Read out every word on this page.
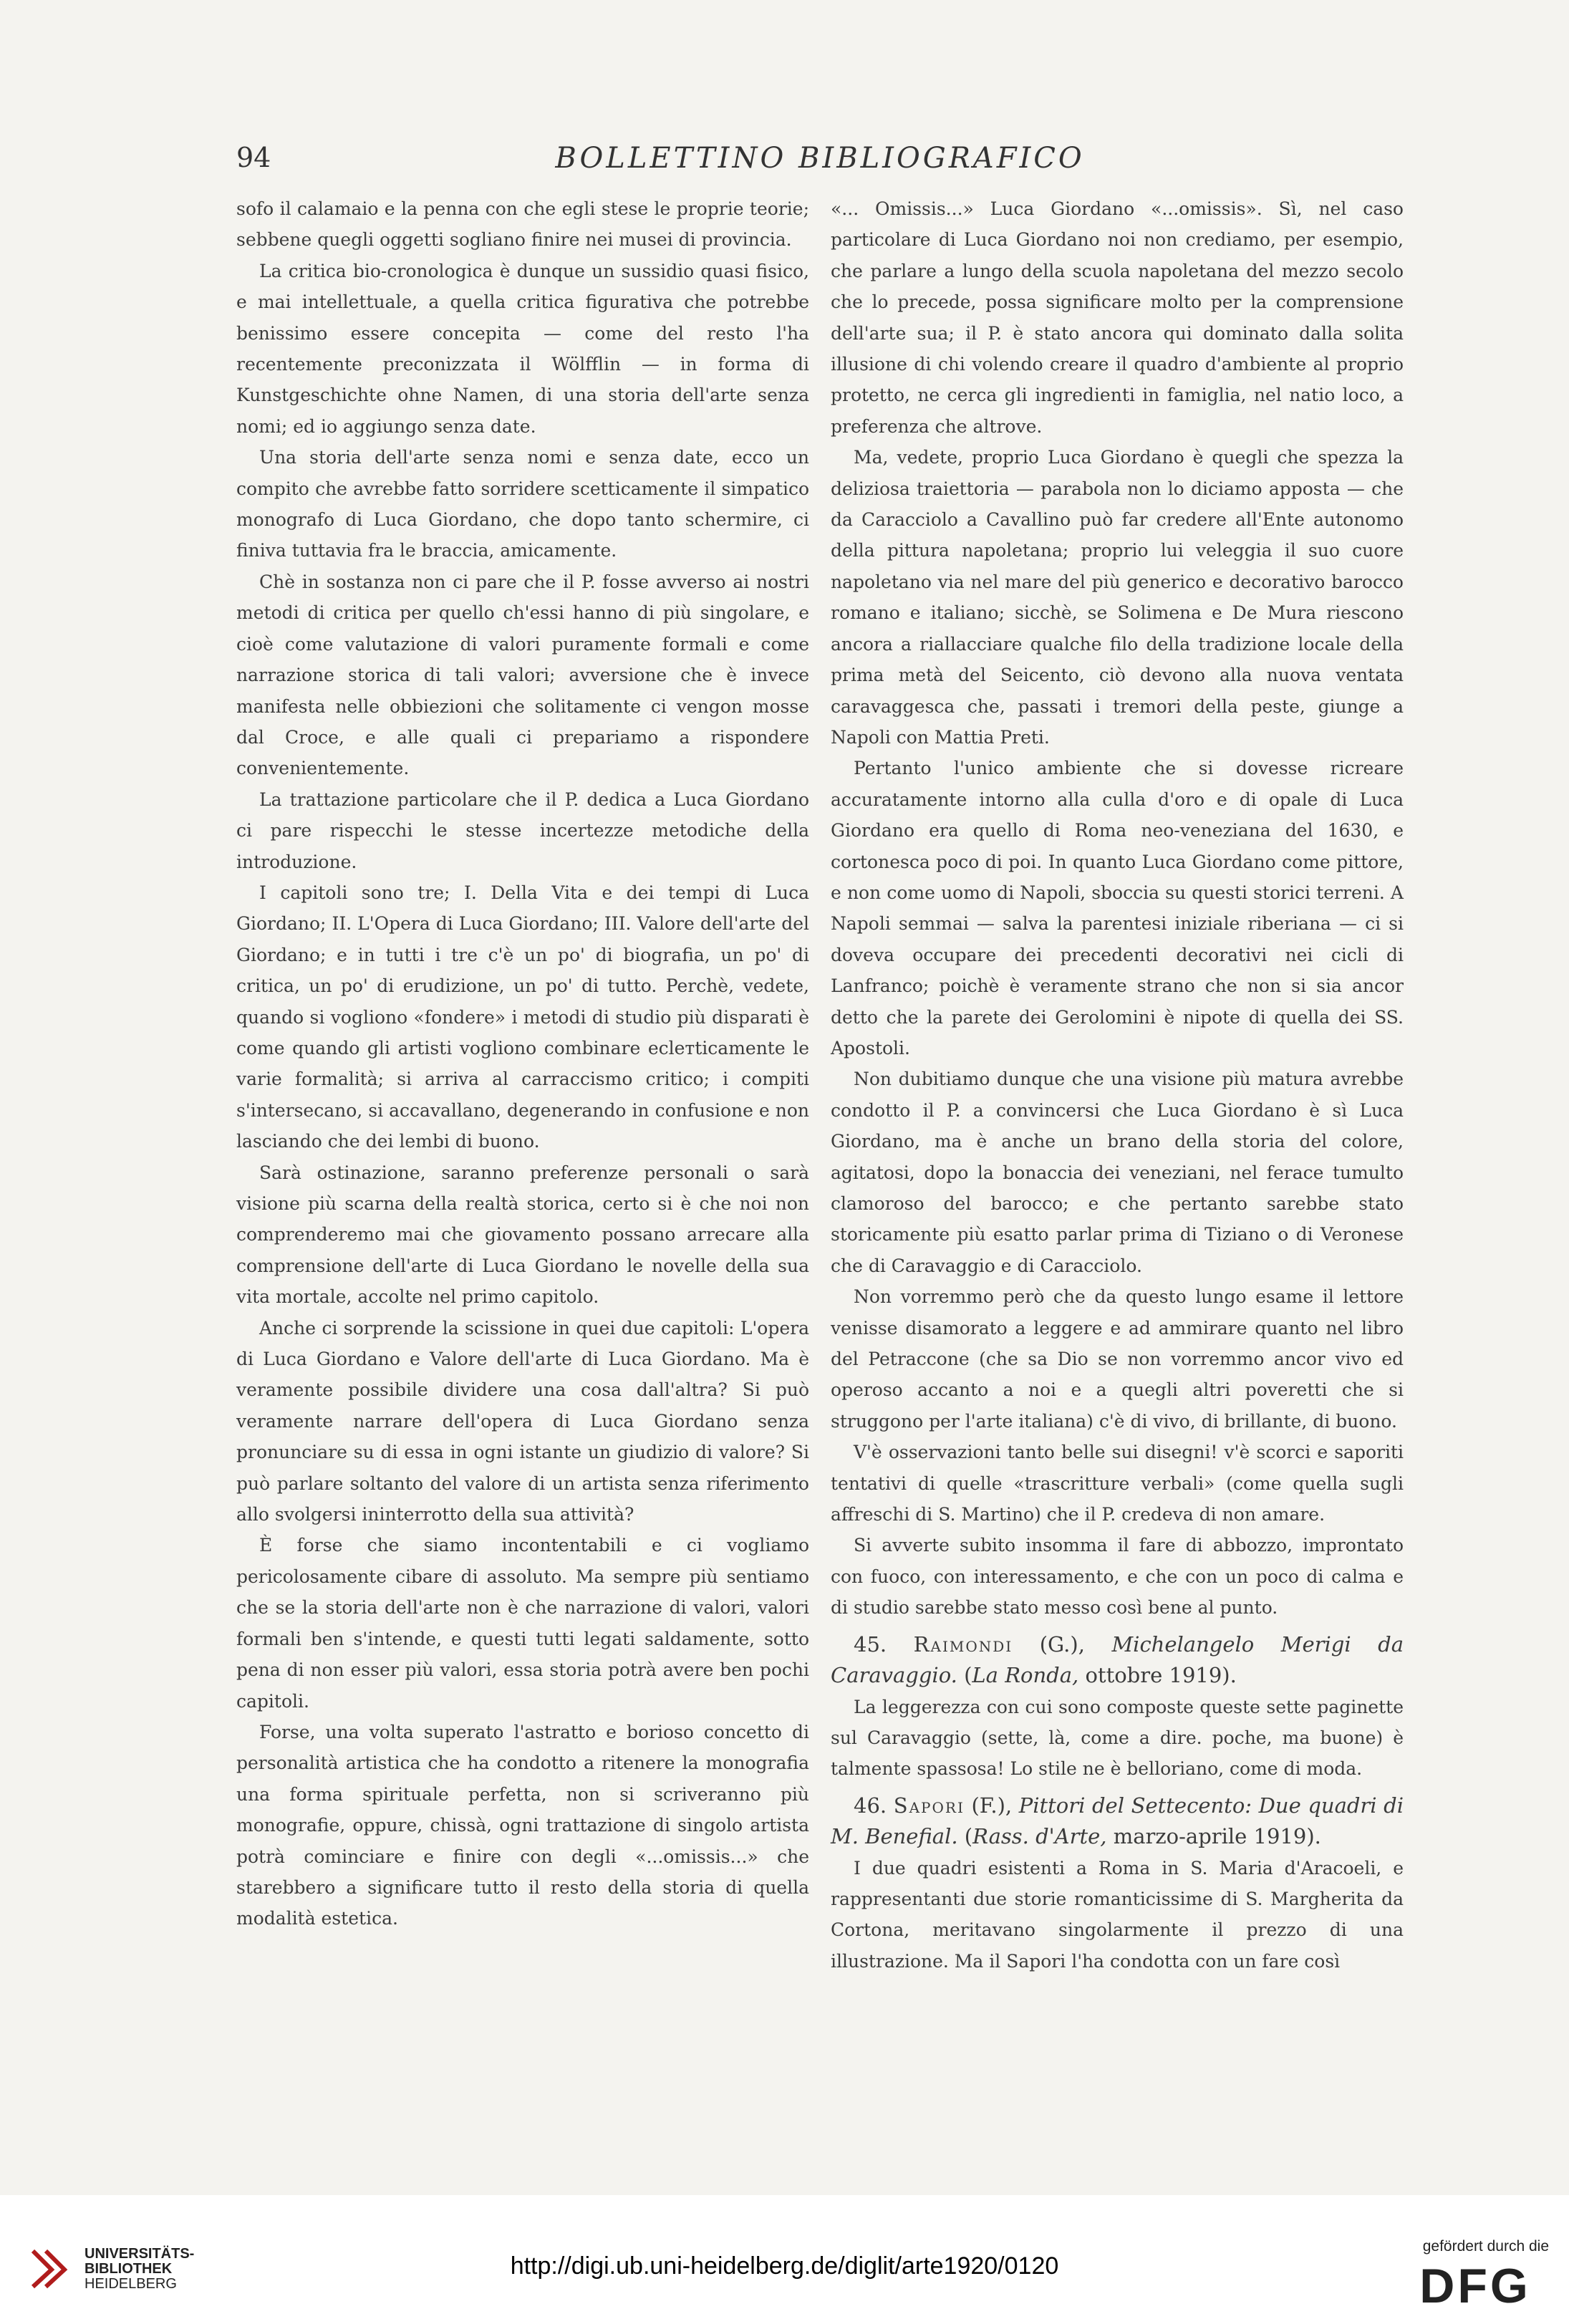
94	BOLLETTINO BIBLIOGRAFICO

sofo il calamaio e la penna con che egli stese le proprie teorie; sebbene quegli oggetti sogliano finire nei musei di provincia.

La critica bio-cronologica è dunque un sussidio quasi fisico, e mai intellettuale, a quella critica figurativa che potrebbe benissimo essere concepita — come del resto l'ha recentemente preconizzata il Wölfflin — in forma di Kunstgeschichte ohne Namen, di una storia dell'arte senza nomi; ed io aggiungo senza date.

Una storia dell'arte senza nomi e senza date, ecco un compito che avrebbe fatto sorridere scetticamente il simpatico monografo di Luca Giordano, che dopo tanto schermire, ci finiva tuttavia fra le braccia, amicamente.

Chè in sostanza non ci pare che il P. fosse avverso ai nostri metodi di critica per quello ch'essi hanno di più singolare, e cioè come valutazione di valori puramente formali e come narrazione storica di tali valori; avversione che è invece manifesta nelle obbiezioni che solitamente ci vengon mosse dal Croce, e alle quali ci prepariamo a rispondere convenientemente.

La trattazione particolare che il P. dedica a Luca Giordano ci pare rispecchi le stesse incertezze metodiche della introduzione.

I capitoli sono tre; I. Della Vita e dei tempi di Luca Giordano; II. L'Opera di Luca Giordano; III. Valore dell'arte del Giordano; e in tutti i tre c'è un po' di biografia, un po' di critica, un po' di erudizione, un po' di tutto. Perchè, vedete, quando si vogliono «fondere» i metodi di studio più disparati è come quando gli artisti vogliono combinare eclетticamente le varie formalità; si arriva al carraccismo critico; i compiti s'intersecano, si accavallano, degenerando in confusione e non lasciando che dei lembi di buono.

Sarà ostinazione, saranno preferenze personali o sarà visione più scarna della realtà storica, certo si è che noi non comprenderemo mai che giovamento possano arrecare alla comprensione dell'arte di Luca Giordano le novelle della sua vita mortale, accolte nel primo capitolo.

Anche ci sorprende la scissione in quei due capitoli: L'opera di Luca Giordano e Valore dell'arte di Luca Giordano. Ma è veramente possibile dividere una cosa dall'altra? Si può veramente narrare dell'opera di Luca Giordano senza pronunciare su di essa in ogni istante un giudizio di valore? Si può parlare soltanto del valore di un artista senza riferimento allo svolgersi ininterrotto della sua attività?

È forse che siamo incontentabili e ci vogliamo pericolosamente cibare di assoluto. Ma sempre più sentiamo che se la storia dell'arte non è che narrazione di valori, valori formali ben s'intende, e questi tutti legati saldamente, sotto pena di non esser più valori, essa storia potrà avere ben pochi capitoli.

Forse, una volta superato l'astratto e borioso concetto di personalità artistica che ha condotto a ritenere la monografia una forma spirituale perfetta, non si scriveranno più monografie, oppure, chissà, ogni trattazione di singolo artista potrà cominciare e finire con degli «...omissis...» che starebbero a significare tutto il resto della storia di quella modalità estetica.

«... Omissis...» Luca Giordano «...omissis». Sì, nel caso particolare di Luca Giordano noi non crediamo, per esempio, che parlare a lungo della scuola napoletana del mezzo secolo che lo precede, possa significare molto per la comprensione dell'arte sua; il P. è stato ancora qui dominato dalla solita illusione di chi volendo creare il quadro d'ambiente al proprio protetto, ne cerca gli ingredienti in famiglia, nel natio loco, a preferenza che altrove.

Ma, vedete, proprio Luca Giordano è quegli che spezza la deliziosa traiettoria — parabola non lo diciamo apposta — che da Caracciolo a Cavallino può far credere all'Ente autonomo della pittura napoletana; proprio lui veleggia il suo cuore napoletano via nel mare del più generico e decorativo barocco romano e italiano; sicchè, se Solimena e De Mura riescono ancora a riallacciare qualche filo della tradizione locale della prima metà del Seicento, ciò devono alla nuova ventata caravaggesca che, passati i tremori della peste, giunge a Napoli con Mattia Preti.

Pertanto l'unico ambiente che si dovesse ricreare accuratamente intorno alla culla d'oro e di opale di Luca Giordano era quello di Roma neo-veneziana del 1630, e cortonesca poco di poi. In quanto Luca Giordano come pittore, e non come uomo di Napoli, sboccia su questi storici terreni. A Napoli semmai — salva la parentesi iniziale riberiana — ci si doveva occupare dei precedenti decorativi nei cicli di Lanfranco; poichè è veramente strano che non si sia ancor detto che la parete dei Gerolomini è nipote di quella dei SS. Apostoli.

Non dubitiamo dunque che una visione più matura avrebbe condotto il P. a convincersi che Luca Giordano è sì Luca Giordano, ma è anche un brano della storia del colore, agitatosi, dopo la bonaccia dei veneziani, nel ferace tumulto clamoroso del barocco; e che pertanto sarebbe stato storicamente più esatto parlar prima di Tiziano o di Veronese che di Caravaggio e di Caracciolo.

Non vorremmo però che da questo lungo esame il lettore venisse disamorato a leggere e ad ammirare quanto nel libro del Petraccone (che sa Dio se non vorremmo ancor vivo ed operoso accanto a noi e a quegli altri poveretti che si struggono per l'arte italiana) c'è di vivo, di brillante, di buono.

V'è osservazioni tanto belle sui disegni! v'è scorci e saporiti tentativi di quelle «trascritture verbali» (come quella sugli affreschi di S. Martino) che il P. credeva di non amare.

Si avverte subito insomma il fare di abbozzo, improntato con fuoco, con interessamento, e che con un poco di calma e di studio sarebbe stato messo così bene al punto.

45. Raimondi (G.), Michelangelo Merigi da Caravaggio. (La Ronda, ottobre 1919).

La leggerezza con cui sono composte queste sette paginette sul Caravaggio (sette, là, come a dire. poche, ma buone) è talmente spassosa! Lo stile ne è belloriano, come di moda.

46. Sapori (F.), Pittori del Settecento: Due quadri di M. Benefial. (Rass. d'Arte, marzo-aprile 1919).

I due quadri esistenti a Roma in S. Maria d'Aracoeli, e rappresentanti due storie romanticissime di S. Margherita da Cortona, meritavano singolarmente il prezzo di una illustrazione. Ma il Sapori l'ha condotta con un fare così

UNIVERSITÄTS-
BIBLIOTHEK
HEIDELBERG
http://digi.ub.uni-heidelberg.de/diglit/arte1920/0120
gefördert durch die
DFG
